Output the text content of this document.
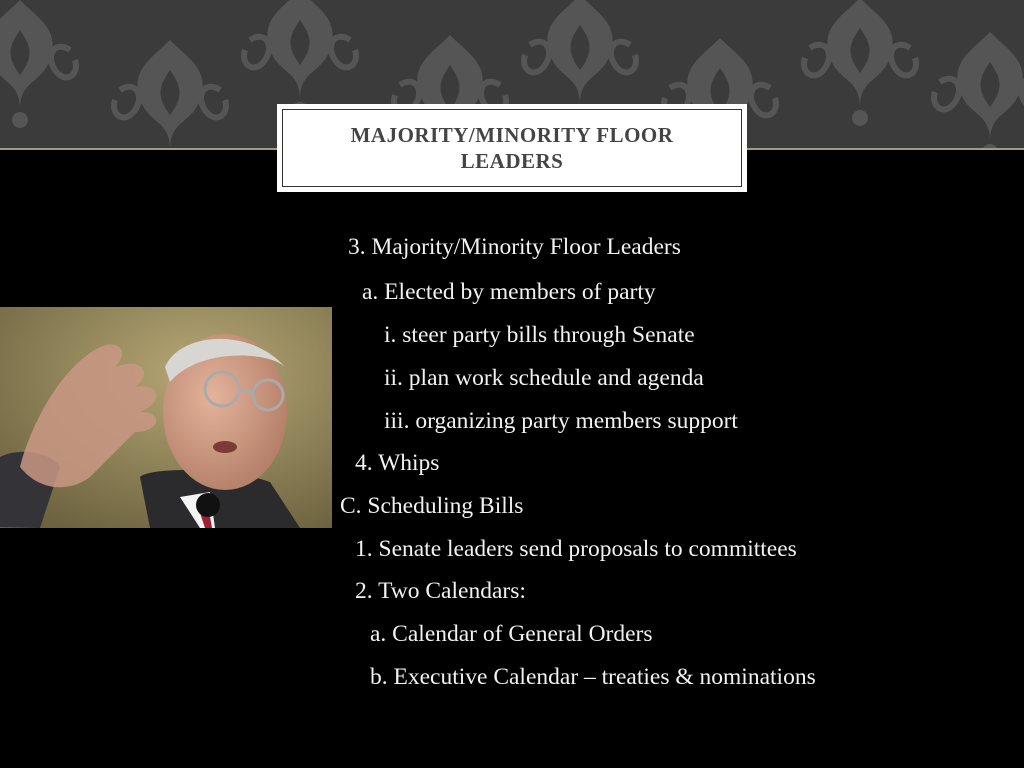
MAJORITY/MINORITY FLOOR LEADERS
3. Majority/Minority Floor Leaders
a. Elected by members of party
i. steer party bills through Senate
ii. plan work schedule and agenda
iii. organizing party members support
4. Whips
C. Scheduling Bills
1. Senate leaders send proposals to committees
2. Two Calendars:
a. Calendar of General Orders
b. Executive Calendar – treaties & nominations
